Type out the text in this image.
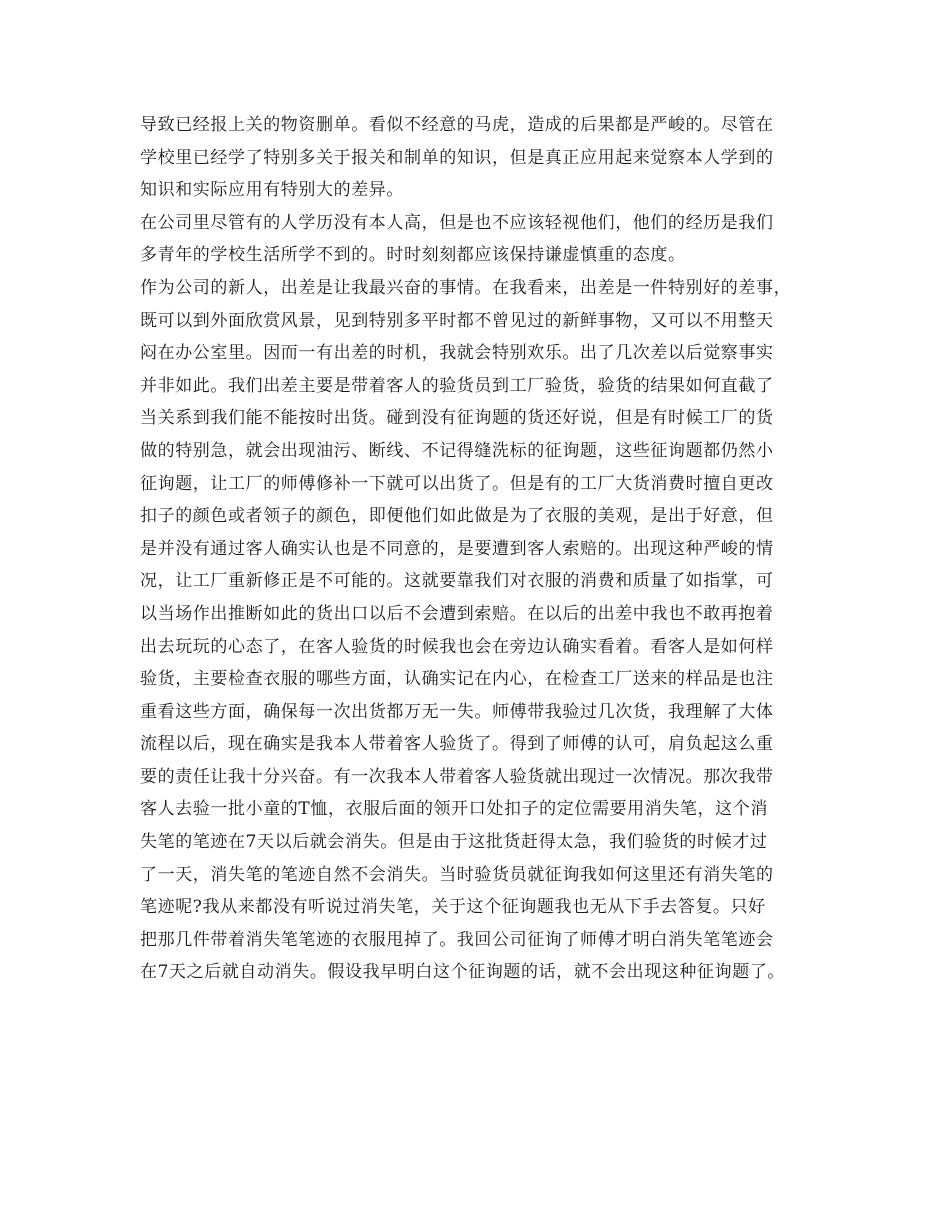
导致已经报上关的物资删单。看似不经意的马虎，造成的后果都是严峻的。尽管在
学校里已经学了特别多关于报关和制单的知识，但是真正应用起来觉察本人学到的
知识和实际应用有特别大的差异。
在公司里尽管有的人学历没有本人高，但是也不应该轻视他们，他们的经历是我们
多青年的学校生活所学不到的。时时刻刻都应该保持谦虚慎重的态度。
作为公司的新人，出差是让我最兴奋的事情。在我看来，出差是一件特别好的差事，
既可以到外面欣赏风景，见到特别多平时都不曾见过的新鲜事物，又可以不用整天
闷在办公室里。因而一有出差的时机，我就会特别欢乐。出了几次差以后觉察事实
并非如此。我们出差主要是带着客人的验货员到工厂验货，验货的结果如何直截了
当关系到我们能不能按时出货。碰到没有征询题的货还好说，但是有时候工厂的货
做的特别急，就会出现油污、断线、不记得缝洗标的征询题，这些征询题都仍然小
征询题，让工厂的师傅修补一下就可以出货了。但是有的工厂大货消费时擅自更改
扣子的颜色或者领子的颜色，即便他们如此做是为了衣服的美观，是出于好意，但
是并没有通过客人确实认也是不同意的，是要遭到客人索赔的。出现这种严峻的情
况，让工厂重新修正是不可能的。这就要靠我们对衣服的消费和质量了如指掌，可
以当场作出推断如此的货出口以后不会遭到索赔。在以后的出差中我也不敢再抱着
出去玩玩的心态了，在客人验货的时候我也会在旁边认确实看着。看客人是如何样
验货，主要检查衣服的哪些方面，认确实记在内心，在检查工厂送来的样品是也注
重看这些方面，确保每一次出货都万无一失。师傅带我验过几次货，我理解了大体
流程以后，现在确实是我本人带着客人验货了。得到了师傅的认可，肩负起这么重
要的责任让我十分兴奋。有一次我本人带着客人验货就出现过一次情况。那次我带
客人去验一批小童的T恤，衣服后面的领开口处扣子的定位需要用消失笔，这个消
失笔的笔迹在7天以后就会消失。但是由于这批货赶得太急，我们验货的时候才过
了一天，消失笔的笔迹自然不会消失。当时验货员就征询我如何这里还有消失笔的
笔迹呢?我从来都没有听说过消失笔，关于这个征询题我也无从下手去答复。只好
把那几件带着消失笔笔迹的衣服甩掉了。我回公司征询了师傅才明白消失笔笔迹会
在7天之后就自动消失。假设我早明白这个征询题的话，就不会出现这种征询题了。
